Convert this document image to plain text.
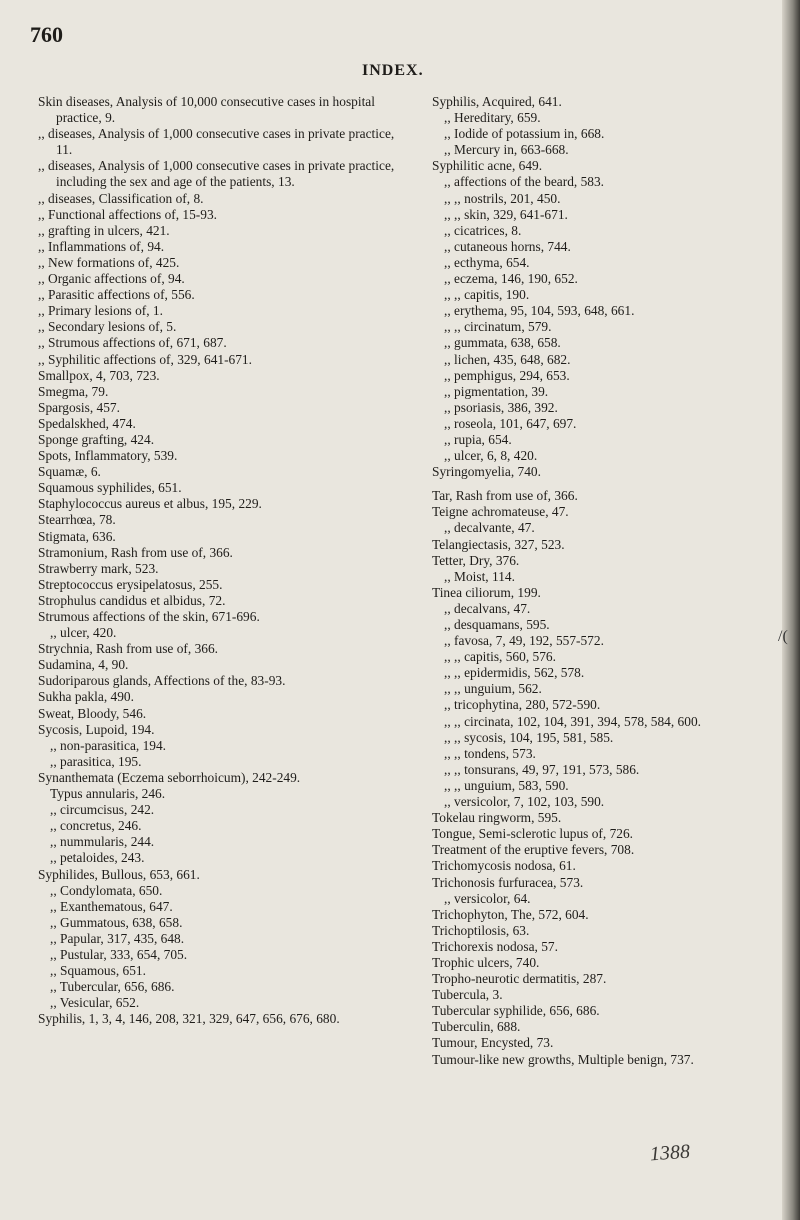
760
INDEX.

Skin diseases, Analysis of 10,000 consecutive cases in hospital practice, 9.

,, diseases, Analysis of 1,000 consecutive cases in private practice, 11.

,, diseases, Analysis of 1,000 consecutive cases in private practice, including the sex and age of the patients, 13.

,, diseases, Classification of, 8.

,, Functional affections of, 15-93.

,, grafting in ulcers, 421.

,, Inflammations of, 94.

,, New formations of, 425.

,, Organic affections of, 94.

,, Parasitic affections of, 556.

,, Primary lesions of, 1.

,, Secondary lesions of, 5.

,, Strumous affections of, 671, 687.

,, Syphilitic affections of, 329, 641-671.

Smallpox, 4, 703, 723.

Smegma, 79.

Spargosis, 457.

Spedalskhed, 474.

Sponge grafting, 424.

Spots, Inflammatory, 539.

Squamæ, 6.

Squamous syphilides, 651.

Staphylococcus aureus et albus, 195, 229.

Stearrhœa, 78.

Stigmata, 636.

Stramonium, Rash from use of, 366.

Strawberry mark, 523.

Streptococcus erysipelatosus, 255.

Strophulus candidus et albidus, 72.

Strumous affections of the skin, 671-696.

,, ulcer, 420.

Strychnia, Rash from use of, 366.

Sudamina, 4, 90.

Sudoriparous glands, Affections of the, 83-93.

Sukha pakla, 490.

Sweat, Bloody, 546.

Sycosis, Lupoid, 194.

,, non-parasitica, 194.

,, parasitica, 195.

Synanthemata (Eczema seborrhoicum), 242-249.

Typus annularis, 246.

,, circumcisus, 242.

,, concretus, 246.

,, nummularis, 244.

,, petaloides, 243.

Syphilides, Bullous, 653, 661.

,, Condylomata, 650.

,, Exanthematous, 647.

,, Gummatous, 638, 658.

,, Papular, 317, 435, 648.

,, Pustular, 333, 654, 705.

,, Squamous, 651.

,, Tubercular, 656, 686.

,, Vesicular, 652.

Syphilis, 1, 3, 4, 146, 208, 321, 329, 647, 656, 676, 680.

Syphilis, Acquired, 641.

,, Hereditary, 659.

,, Iodide of potassium in, 668.

,, Mercury in, 663-668.

Syphilitic acne, 649.

,, affections of the beard, 583.

,, ,, nostrils, 201, 450.

,, ,, skin, 329, 641-671.

,, cicatrices, 8.

,, cutaneous horns, 744.

,, ecthyma, 654.

,, eczema, 146, 190, 652.

,, ,, capitis, 190.

,, erythema, 95, 104, 593, 648, 661.

,, ,, circinatum, 579.

,, gummata, 638, 658.

,, lichen, 435, 648, 682.

,, pemphigus, 294, 653.

,, pigmentation, 39.

,, psoriasis, 386, 392.

,, roseola, 101, 647, 697.

,, rupia, 654.

,, ulcer, 6, 8, 420.

Syringomyelia, 740.

Tar, Rash from use of, 366.

Teigne achromateuse, 47.

,, decalvante, 47.

Telangiectasis, 327, 523.

Tetter, Dry, 376.

,, Moist, 114.

Tinea ciliorum, 199.

,, decalvans, 47.

,, desquamans, 595.

,, favosa, 7, 49, 192, 557-572.

,, ,, capitis, 560, 576.

,, ,, epidermidis, 562, 578.

,, ,, unguium, 562.

,, tricophytina, 280, 572-590.

,, ,, circinata, 102, 104, 391, 394, 578, 584, 600.

,, ,, sycosis, 104, 195, 581, 585.

,, ,, tondens, 573.

,, ,, tonsurans, 49, 97, 191, 573, 586.

,, ,, unguium, 583, 590.

,, versicolor, 7, 102, 103, 590.

Tokelau ringworm, 595.

Tongue, Semi-sclerotic lupus of, 726.

Treatment of the eruptive fevers, 708.

Trichomycosis nodosa, 61.

Trichonosis furfuracea, 573.

,, versicolor, 64.

Trichophyton, The, 572, 604.

Trichoptilosis, 63.

Trichorexis nodosa, 57.

Trophic ulcers, 740.

Tropho-neurotic dermatitis, 287.

Tubercula, 3.

Tubercular syphilide, 656, 686.

Tuberculin, 688.

Tumour, Encysted, 73.

Tumour-like new growths, Multiple benign, 737.

/(
1388
